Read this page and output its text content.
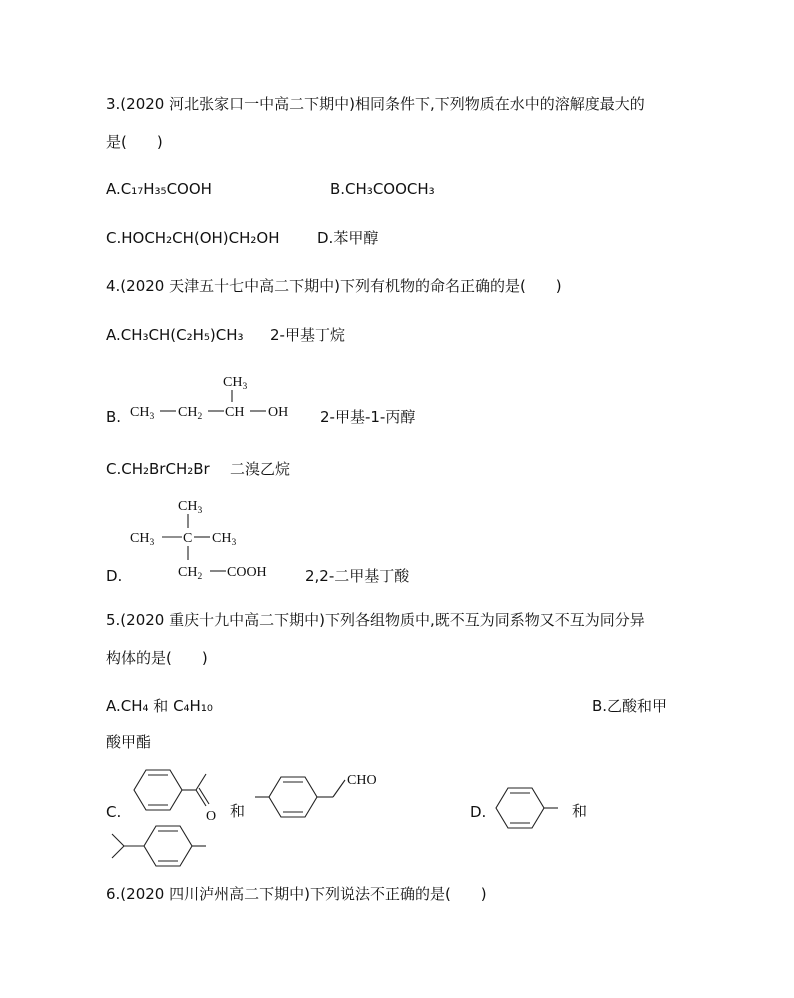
3.(2020 河北张家口一中高二下期中)相同条件下,下列物质在水中的溶解度最大的
是(　　)
A.C₁₇H₃₅COOH	B.CH₃COOCH₃
C.HOCH₂CH(OH)CH₂OH	D.苯甲醇
4.(2020 天津五十七中高二下期中)下列有机物的命名正确的是(　　)
A.CH₃CH(C₂H₅)CH₃ 2-甲基丁烷
B.
$CH_3$
$CH_3$ $CH_2$ CH OH 2-甲基-1-丙醇
C.CH₂BrCH₂Br 二溴乙烷
D.
$CH_3$
$CH_3$ C $CH_3$
$CH_2$ COOH	2,2-二甲基丁酸
5.(2020 重庆十九中高二下期中)下列各组物质中,既不互为同系物又不互为同分异
构体的是(　　)
A.CH₄ 和 C₄H₁₀	B.乙酸和甲
酸甲酯
C.	O 和
CHO
D.	和
6.(2020 四川泸州高二下期中)下列说法不正确的是(　　)
